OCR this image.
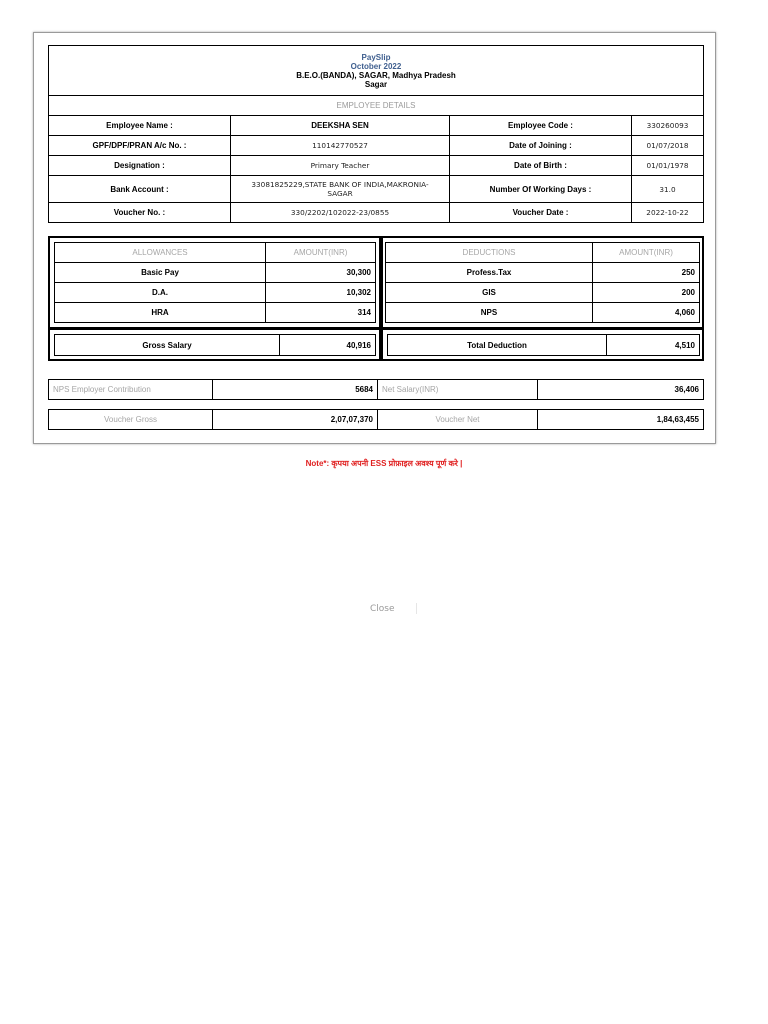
PaySlip
October 2022
B.E.O.(BANDA), SAGAR, Madhya Pradesh
Sagar			

EMPLOYEE DETAILS			
Employee Name :	DEEKSHA SEN	Employee Code :	330260093
GPF/DPF/PRAN A/c No. :	110142770527	Date of Joining :	01/07/2018
Designation :	Primary Teacher	Date of Birth :	01/01/1978
Bank Account :	33081825229,STATE BANK OF INDIA,MAKRONIA-SAGAR	Number Of Working Days :	31.0
Voucher No. :	330/2202/102022-23/0855	Voucher Date :	2022-10-22
ALLOWANCES	AMOUNT(INR)
Basic Pay	30,300
D.A.	10,302
HRA	314
DEDUCTIONS	AMOUNT(INR)
Profess.Tax	250
GIS	200
NPS	4,060
Gross Salary	40,916	Total Deduction	4,510
NPS Employer Contribution	5684	Net Salary(INR)	36,406
Voucher Gross	2,07,07,370	Voucher Net	1,84,63,455
Note*: कृपया अपनी ESS प्रोफ़ाइल अवश्य पूर्ण करे |
Close
